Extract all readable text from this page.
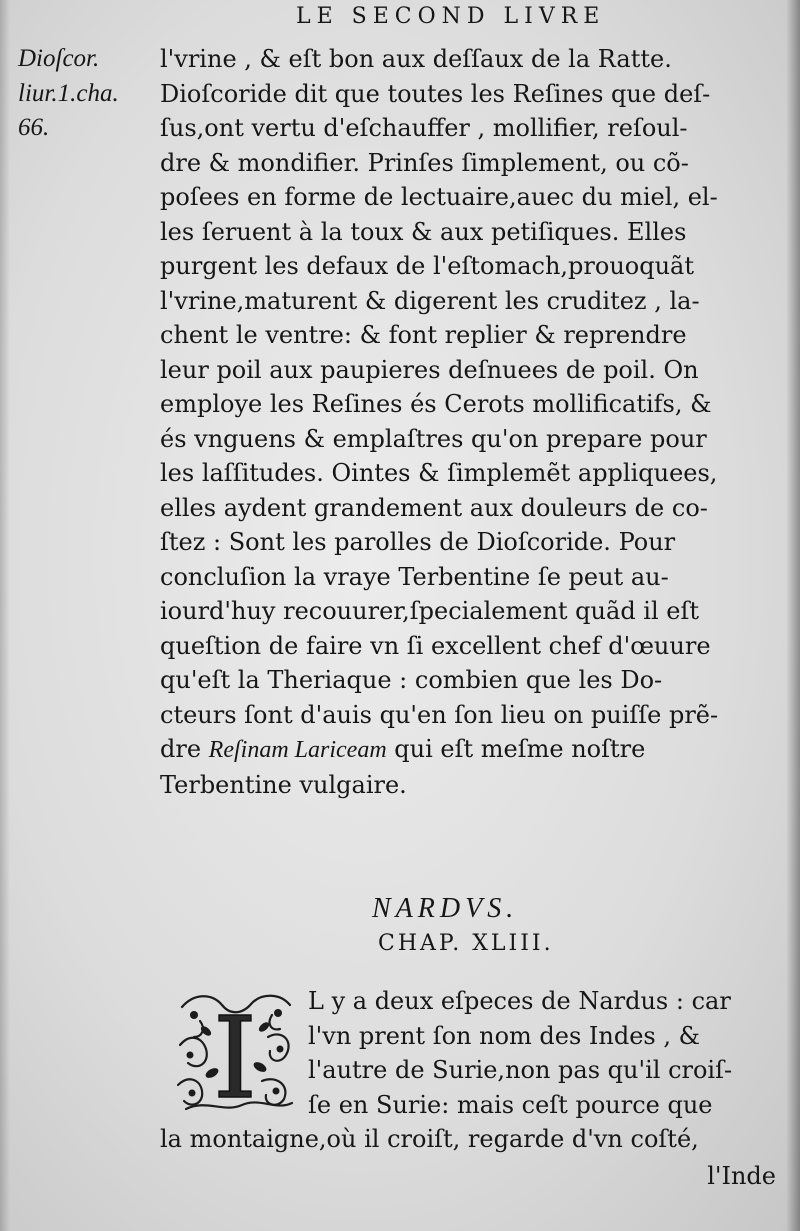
LE SECOND LIVRE
Dioſcor.
liur.1.cha.
66.
l'vrine , & eſt bon aux deſſaux de la Ratte.
Dioſcoride dit que toutes les Reſines que deſ-
ſus,ont vertu d'eſchauffer , mollifier, reſoul-
dre & mondifier. Prinſes ſimplement, ou cõ-
poſees en forme de lectuaire,auec du miel, el-
les ſeruent à la toux & aux petiſiques. Elles
purgent les defaux de l'eſtomach,prouoquãt
l'vrine,maturent & digerent les cruditez , la-
chent le ventre: & font replier & reprendre
leur poil aux paupieres deſnuees de poil. On
employe les Reſines és Cerots mollificatifs, &
és vnguens & emplaſtres qu'on prepare pour
les laſſitudes. Ointes & ſimplemẽt appliquees,
elles aydent grandement aux douleurs de co-
ſtez : Sont les parolles de Dioſcoride. Pour
concluſion la vraye Terbentine ſe peut au-
iourd'huy recouurer,ſpecialement quãd il eſt
queſtion de faire vn ſi excellent chef d'œuure
qu'eſt la Theriaque : combien que les Do-
cteurs ſont d'auis qu'en ſon lieu on puiſſe prẽ-
dre Reſinam Lariceam qui eſt meſme noſtre
Terbentine vulgaire.
NARDVS.
CHAP. XLIII.
I	L y a deux eſpeces de Nardus : car
l'vn prent ſon nom des Indes , &
l'autre de Surie,non pas qu'il croiſ-
ſe en Surie: mais ceſt pource que
la montaigne,où il croiſt, regarde d'vn coſté,
l'Inde
